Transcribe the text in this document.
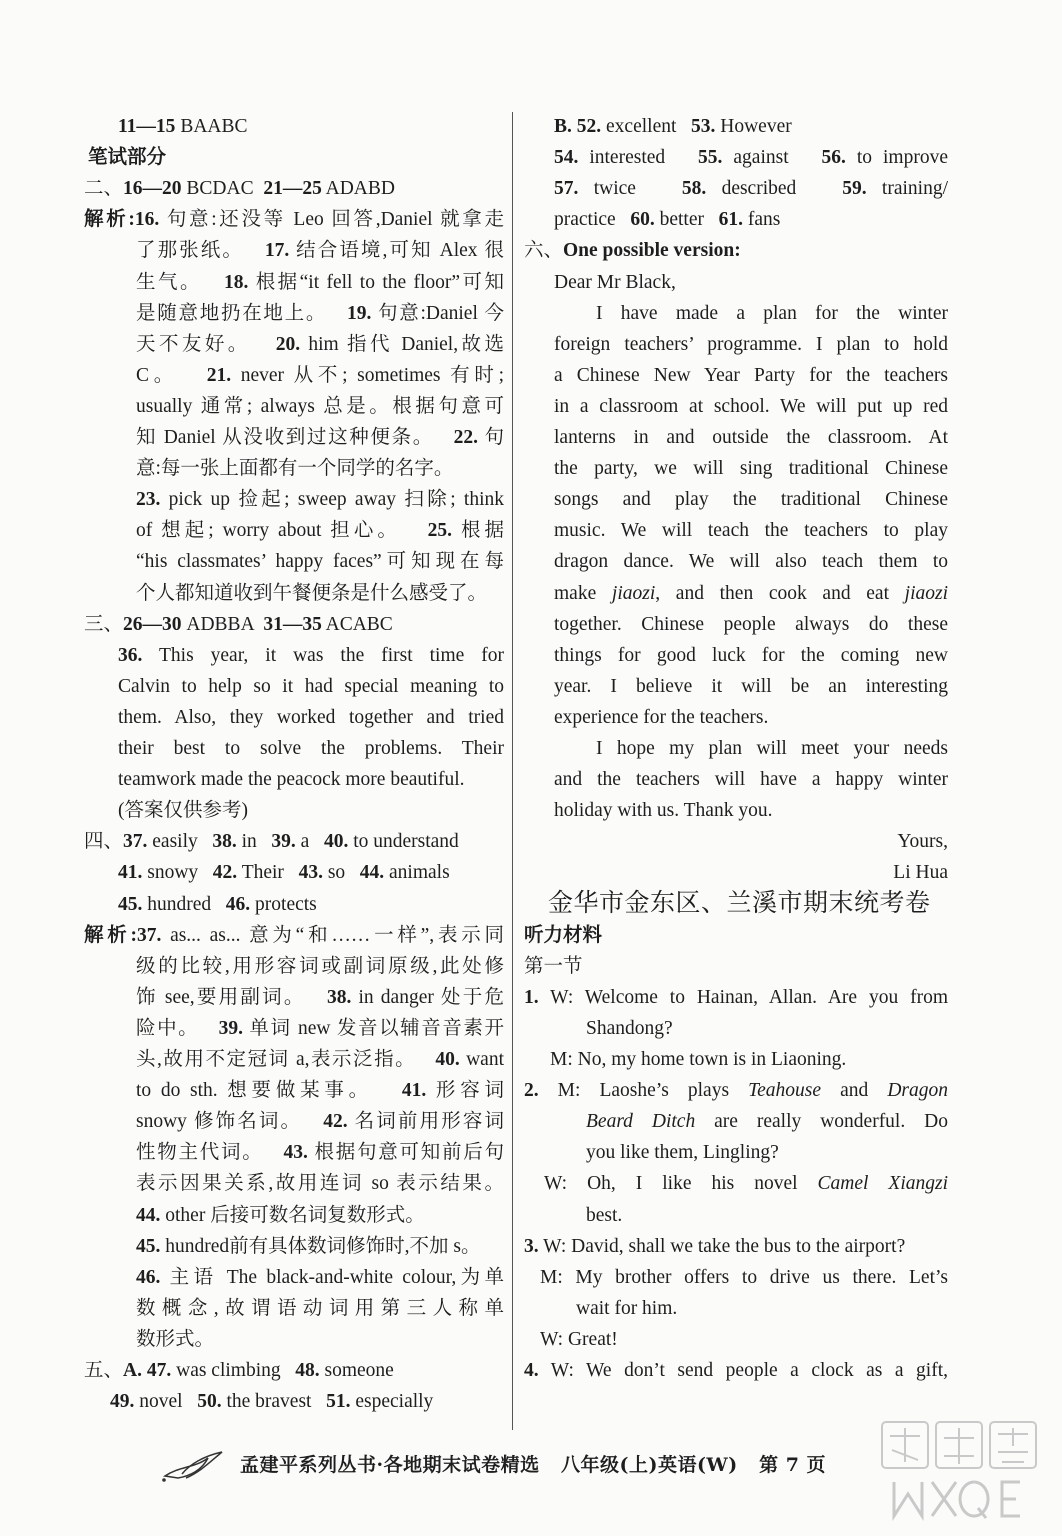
11—15 BAABC
笔试部分
二、16—20 BCDAC  21—25 ADABD
解析:16. 句意:还没等 Leo 回答,Daniel 就拿走
了那张纸。   17. 结合语境,可知 Alex 很
生气。   18. 根据“it fell to the floor”可知
是随意地扔在地上。   19. 句意:Daniel 今
天不友好。   20. him 指代 Daniel,故选
C。   21. never 从不; sometimes 有时;
usually 通常; always 总是。根据句意可
知 Daniel 从没收到过这种便条。   22. 句
意:每一张上面都有一个同学的名字。
23. pick up 捡起; sweep away 扫除; think
of 想起; worry about 担心。   25. 根据
“his classmates’ happy faces”可知现在每
个人都知道收到午餐便条是什么感受了。
三、26—30 ADBBA  31—35 ACABC
36. This year, it was the first time for
Calvin to help so it had special meaning to
them. Also, they worked together and tried
their best to solve the problems. Their
teamwork made the peacock more beautiful.
(答案仅供参考)
四、37. easily   38. in   39. a   40. to understand
41. snowy   42. Their   43. so   44. animals
45. hundred   46. protects
解析:37. as... as... 意为“和……一样”,表示同
级的比较,用形容词或副词原级,此处修
饰 see,要用副词。   38. in danger 处于危
险中。   39. 单词 new 发音以辅音音素开
头,故用不定冠词 a,表示泛指。   40. want
to do sth. 想要做某事。   41. 形容词
snowy 修饰名词。   42. 名词前用形容词
性物主代词。   43. 根据句意可知前后句
表示因果关系,故用连词 so 表示结果。
44. other 后接可数名词复数形式。
45. hundred前有具体数词修饰时,不加 s。
46. 主语 The black-and-white colour,为单
数概念,故谓语动词用第三人称单
数形式。
五、A. 47. was climbing   48. someone
49. novel   50. the bravest   51. especially
B. 52. excellent   53. However
54. interested   55. against   56. to improve
57. twice   58. described   59. training/
practice   60. better   61. fans
六、One possible version:
Dear Mr Black,
I have made a plan for the winter
foreign teachers’ programme. I plan to hold
a Chinese New Year Party for the teachers
in a classroom at school. We will put up red
lanterns in and outside the classroom. At
the party, we will sing traditional Chinese
songs and play the traditional Chinese
music. We will teach the teachers to play
dragon dance. We will also teach them to
make jiaozi, and then cook and eat jiaozi
together. Chinese people always do these
things for good luck for the coming new
year. I believe it will be an interesting
experience for the teachers.
I hope my plan will meet your needs
and the teachers will have a happy winter
holiday with us. Thank you.
Yours,
Li Hua
金华市金东区、兰溪市期末统考卷
听力材料
第一节
1. W: Welcome to Hainan, Allan. Are you from
Shandong?
M: No, my home town is in Liaoning.
2. M: Laoshe’s plays Teahouse and Dragon
Beard Ditch are really wonderful. Do
you like them, Lingling?
W: Oh, I like his novel Camel Xiangzi
best.
3. W: David, shall we take the bus to the airport?
M: My brother offers to drive us there. Let’s
wait for him.
W: Great!
4. W: We don’t send people a clock as a gift,
孟建平系列丛书·各地期末试卷精选   八年级(上)英语(W)   第 7 页
